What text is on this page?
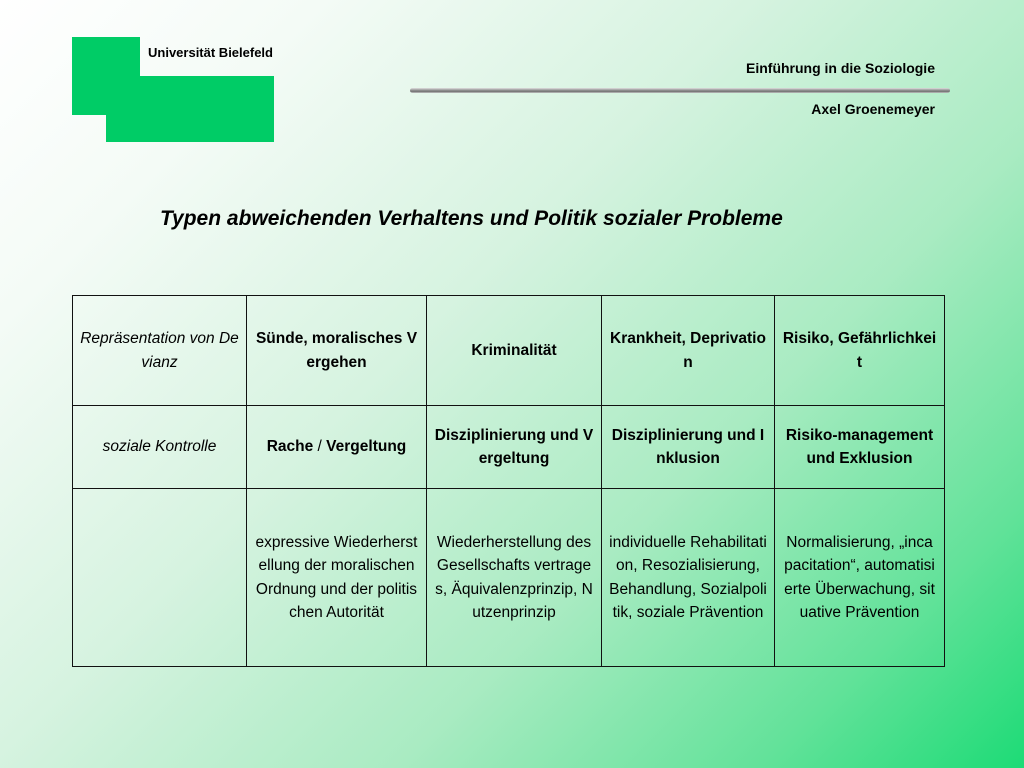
Universität Bielefeld
Einführung in die Soziologie
Axel Groenemeyer
Typen abweichenden Verhaltens und Politik sozialer Probleme
Repräsentation von Devianz	Sünde, moralisches Vergehen	Kriminalität	Krankheit, Deprivation	Risiko, Gefährlichkeit
soziale Kontrolle	Rache / Vergeltung	Disziplinierung und Vergeltung	Disziplinierung und Inklusion	Risiko-management und Exklusion
	expressive Wiederherstellung der moralischen Ordnung und der politischen Autorität	Wiederherstellung des Gesellschafts vertrages, Äquivalenzprinzip, Nutzenprinzip	individuelle Rehabilitation, Resozialisierung, Behandlung, Sozialpolitik, soziale Prävention	Normalisierung, „incapacitation“, automatisierte Überwachung, situative Prävention
